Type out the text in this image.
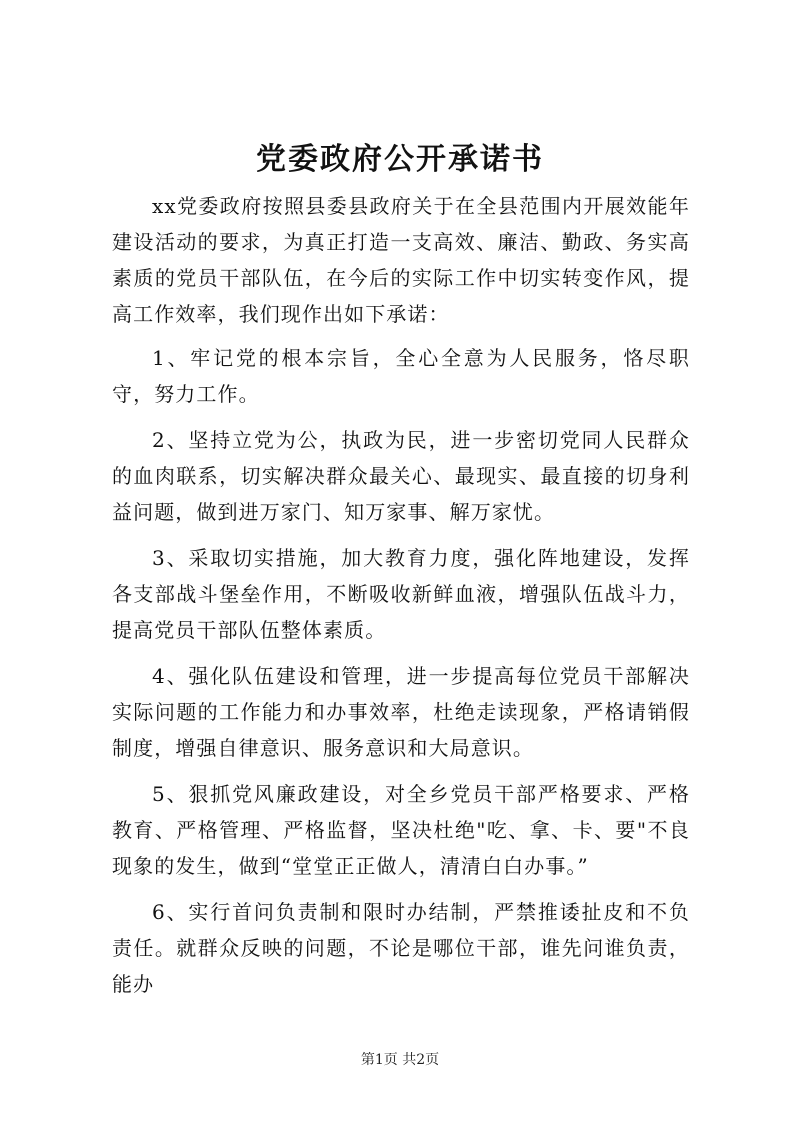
党委政府公开承诺书

xx党委政府按照县委县政府关于在全县范围内开展效能年建设活动的要求，为真正打造一支高效、廉洁、勤政、务实高素质的党员干部队伍，在今后的实际工作中切实转变作风，提高工作效率，我们现作出如下承诺：

1、牢记党的根本宗旨，全心全意为人民服务，恪尽职守，努力工作。

2、坚持立党为公，执政为民，进一步密切党同人民群众的血肉联系，切实解决群众最关心、最现实、最直接的切身利益问题，做到进万家门、知万家事、解万家忧。

3、采取切实措施，加大教育力度，强化阵地建设，发挥各支部战斗堡垒作用，不断吸收新鲜血液，增强队伍战斗力，提高党员干部队伍整体素质。

4、强化队伍建设和管理，进一步提高每位党员干部解决实际问题的工作能力和办事效率，杜绝走读现象，严格请销假制度，增强自律意识、服务意识和大局意识。

5、狠抓党风廉政建设，对全乡党员干部严格要求、严格教育、严格管理、严格监督，坚决杜绝"吃、拿、卡、要"不良现象的发生，做到“堂堂正正做人，清清白白办事。”

6、实行首问负责制和限时办结制，严禁推诿扯皮和不负责任。就群众反映的问题，不论是哪位干部，谁先问谁负责，能办

第1页 共2页
